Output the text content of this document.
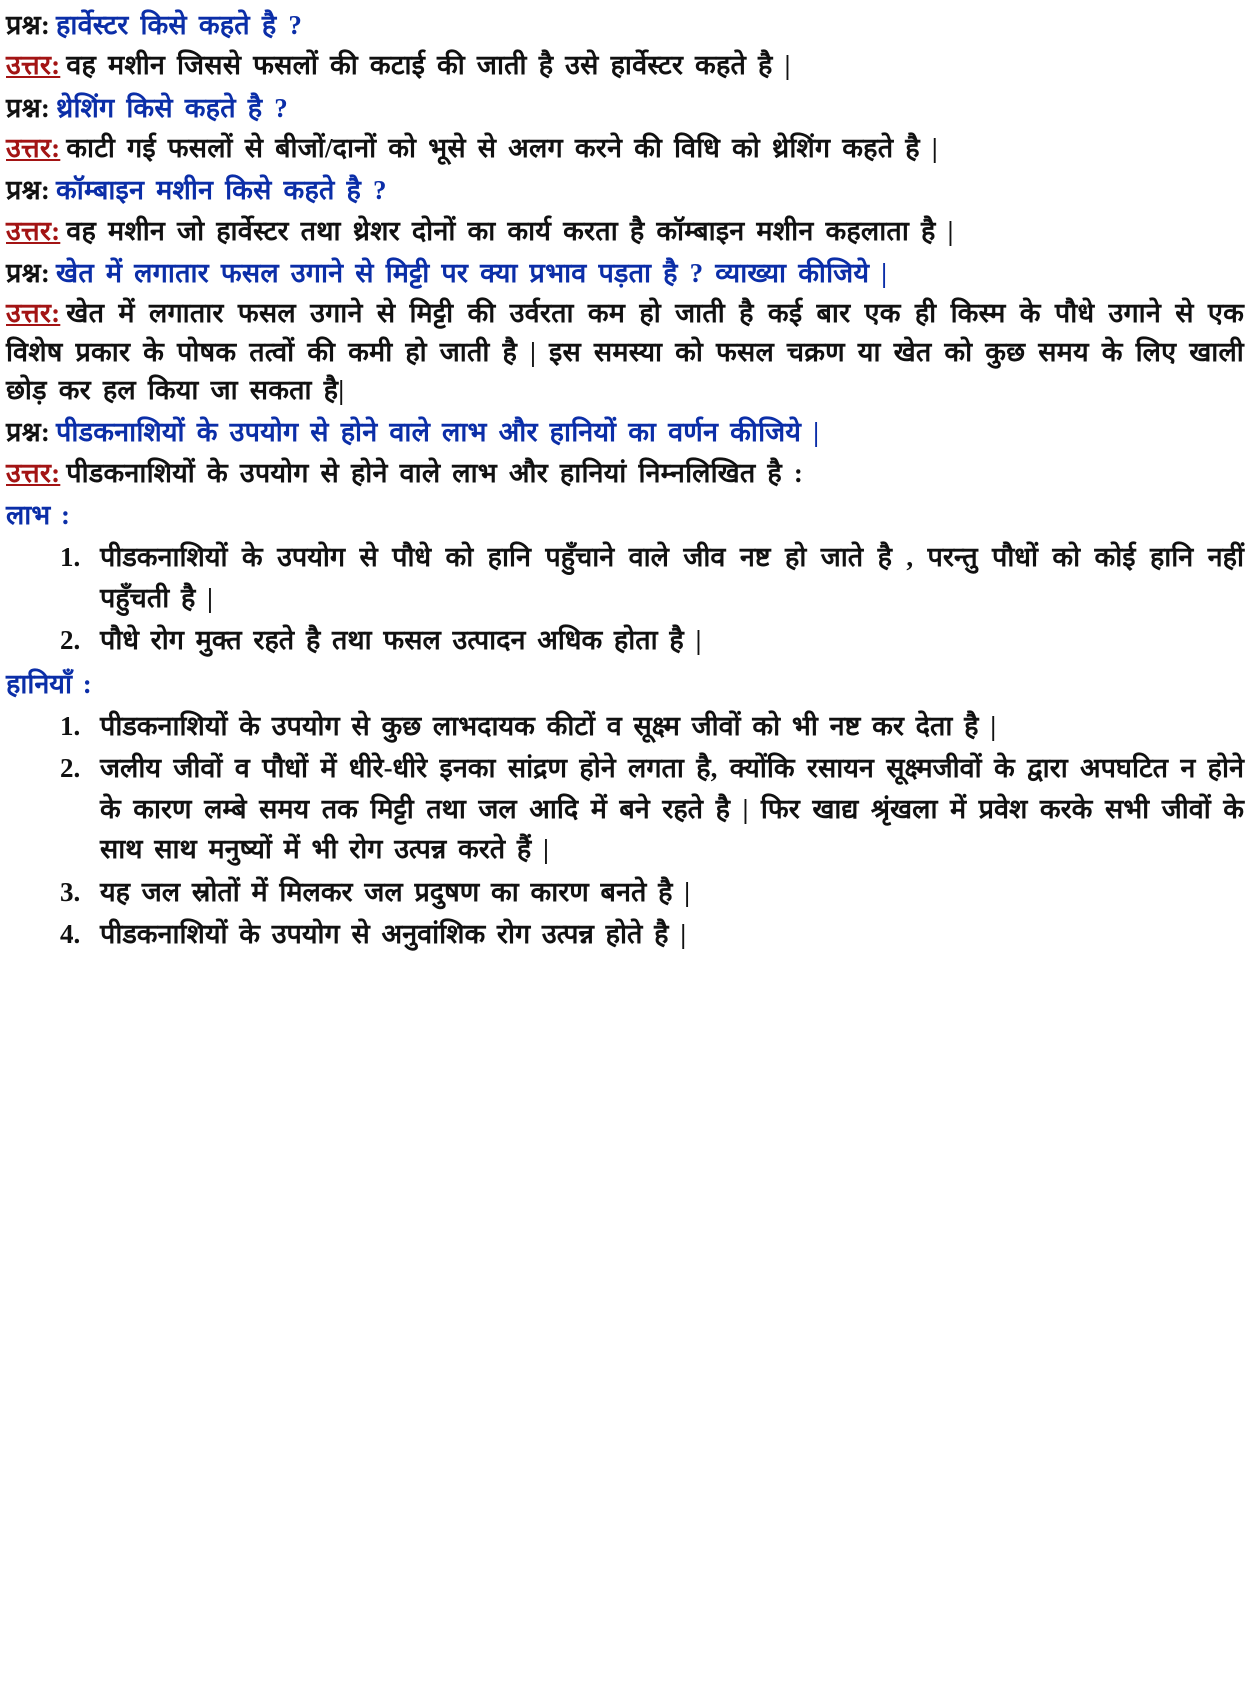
प्रश्न: हार्वेस्टर किसे कहते है ?

उत्तर: वह मशीन जिससे फसलों की कटाई की जाती है उसे हार्वेस्टर कहते है |

प्रश्न: थ्रेशिंग किसे कहते है ?

उत्तर: काटी गई फसलों से बीजों/दानों को भूसे से अलग करने की विधि को थ्रेशिंग कहते है |

प्रश्न: कॉम्बाइन मशीन किसे कहते है ?

उत्तर: वह मशीन जो हार्वेस्टर तथा थ्रेशर दोनों का कार्य करता है कॉम्बाइन मशीन कहलाता है |

प्रश्न: खेत में लगातार फसल उगाने से मिट्टी पर क्या प्रभाव पड़ता है ? व्याख्या कीजिये |

उत्तर: खेत में लगातार फसल उगाने से मिट्टी की उर्वरता कम हो जाती है कई बार एक ही किस्म के पौधे उगाने से एक विशेष प्रकार के पोषक तत्वों की कमी हो जाती है | इस समस्या को फसल चक्रण या खेत को कुछ समय के लिए खाली छोड़ कर हल किया जा सकता है|

प्रश्न: पीडकनाशियों के उपयोग से होने वाले लाभ और हानियों का वर्णन कीजिये |

उत्तर: पीडकनाशियों के उपयोग से होने वाले लाभ और हानियां निम्नलिखित है :

लाभ :

1. पीडकनाशियों के उपयोग से पौधे को हानि पहुँचाने वाले जीव नष्ट हो जाते है , परन्तु पौधों को कोई हानि नहीं पहुँचती है |
2. पौधे रोग मुक्त रहते है तथा फसल उत्पादन अधिक होता है |

हानियाँ :

1. पीडकनाशियों के उपयोग से कुछ लाभदायक कीटों व सूक्ष्म जीवों को भी नष्ट कर देता है |
2. जलीय जीवों व पौधों में धीरे-धीरे इनका सांद्रण होने लगता है, क्योंकि रसायन सूक्ष्मजीवों के द्वारा अपघटित न होने के कारण लम्बे समय तक मिट्टी तथा जल आदि में बने रहते है | फिर खाद्य श्रृंखला में प्रवेश करके सभी जीवों के साथ साथ मनुष्यों में भी रोग उत्पन्न करते हैं |
3. यह जल स्रोतों में मिलकर जल प्रदुषण का कारण बनते है |
4. पीडकनाशियों के उपयोग से अनुवांशिक रोग उत्पन्न होते है |
